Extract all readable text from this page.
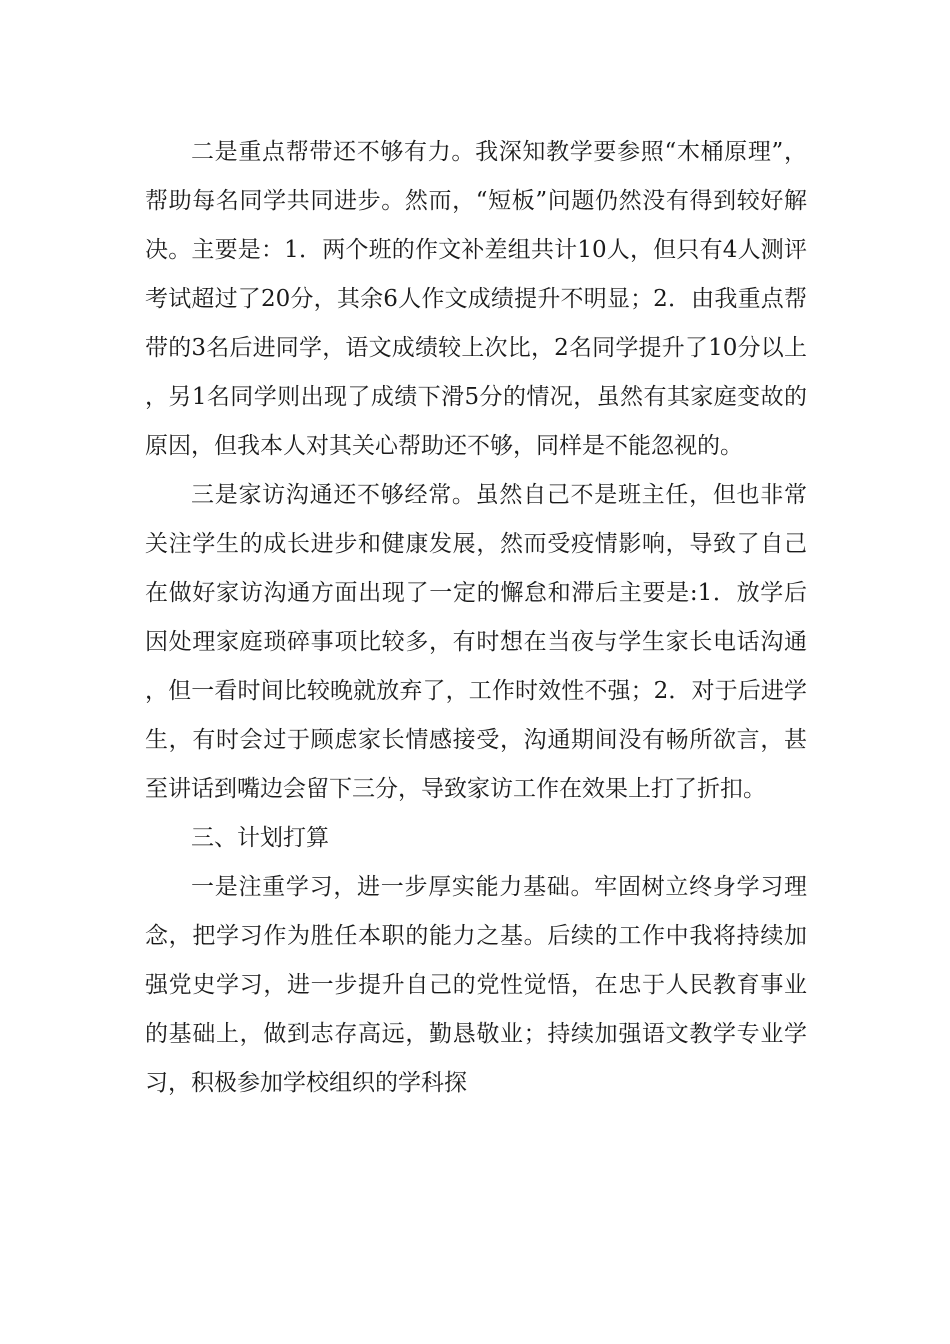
二是重点帮带还不够有力。我深知教学要参照“木桶原理”，帮助每名同学共同进步。然而，“短板”问题仍然没有得到较好解决。主要是：1．两个班的作文补差组共计10人，但只有4人测评考试超过了20分，其余6人作文成绩提升不明显；2．由我重点帮带的3名后进同学，语文成绩较上次比，2名同学提升了10分以上，另1名同学则出现了成绩下滑5分的情况，虽然有其家庭变故的原因，但我本人对其关心帮助还不够，同样是不能忽视的。

三是家访沟通还不够经常。虽然自己不是班主任，但也非常关注学生的成长进步和健康发展，然而受疫情影响，导致了自己在做好家访沟通方面出现了一定的懈怠和滞后主要是:1．放学后因处理家庭琐碎事项比较多，有时想在当夜与学生家长电话沟通，但一看时间比较晚就放弃了，工作时效性不强；2．对于后进学生，有时会过于顾虑家长情感接受，沟通期间没有畅所欲言，甚至讲话到嘴边会留下三分，导致家访工作在效果上打了折扣。

三、计划打算

一是注重学习，进一步厚实能力基础。牢固树立终身学习理念，把学习作为胜任本职的能力之基。后续的工作中我将持续加强党史学习，进一步提升自己的党性觉悟，在忠于人民教育事业的基础上，做到志存高远，勤恳敬业；持续加强语文教学专业学习，积极参加学校组织的学科探
